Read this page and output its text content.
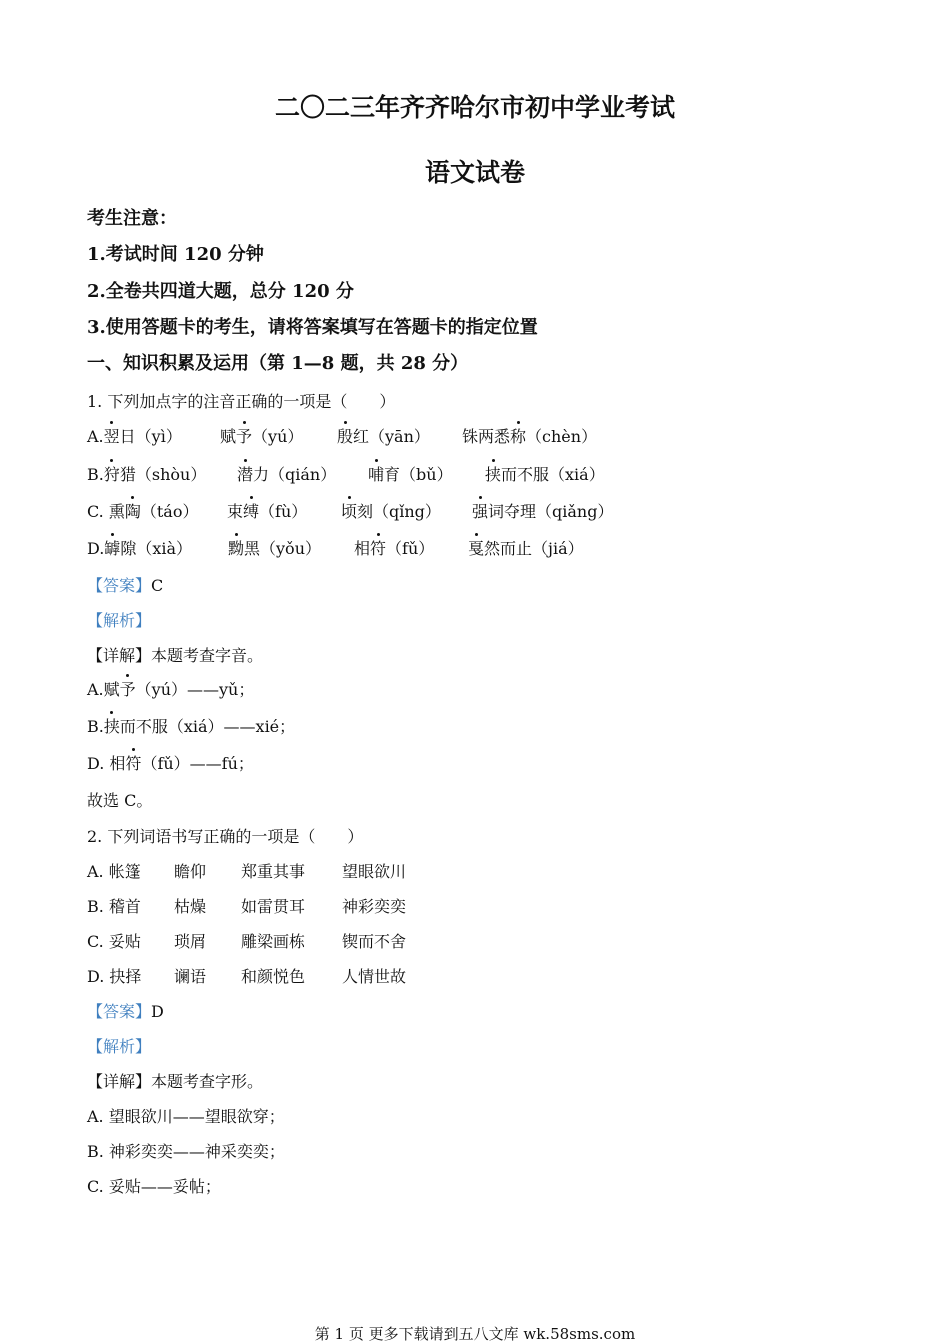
二〇二三年齐齐哈尔市初中学业考试
语文试卷
考生注意：
1.考试时间 120 分钟
2.全卷共四道大题，总分 120 分
3.使用答题卡的考生，请将答案填写在答题卡的指定位置
一、知识积累及运用（第 1—8 题，共 28 分）
1. 下列加点字的注音正确的一项是（　　）
A.翌日（yì） 赋予（yú） 殷红（yān） 铢两悉称（chèn）
B.狩猎（shòu） 潜力（qián） 哺育（bǔ） 挟而不服（xiá）
C. 熏陶（táo） 束缚（fù） 顷刻（qǐng） 强词夺理（qiǎng）
D.罅隙（xià） 黝黑（yǒu） 相符（fǔ） 戛然而止（jiá）
【答案】C
【解析】
【详解】本题考查字音。
A.赋予（yú）——yǔ；
B.挟而不服（xiá）——xié；
D. 相符（fǔ）——fú；
故选 C。
2. 下列词语书写正确的一项是（　　）
A. 帐篷 瞻仰 郑重其事 望眼欲川
B. 稽首 枯燥 如雷贯耳 神彩奕奕
C. 妥贴 琐屑 雕梁画栋 锲而不舍
D. 抉择 谰语 和颜悦色 人情世故
【答案】D
【解析】
【详解】本题考查字形。
A. 望眼欲川——望眼欲穿；
B. 神彩奕奕——神采奕奕；
C. 妥贴——妥帖；
第 1 页 更多下载请到五八文库 wk.58sms.com
